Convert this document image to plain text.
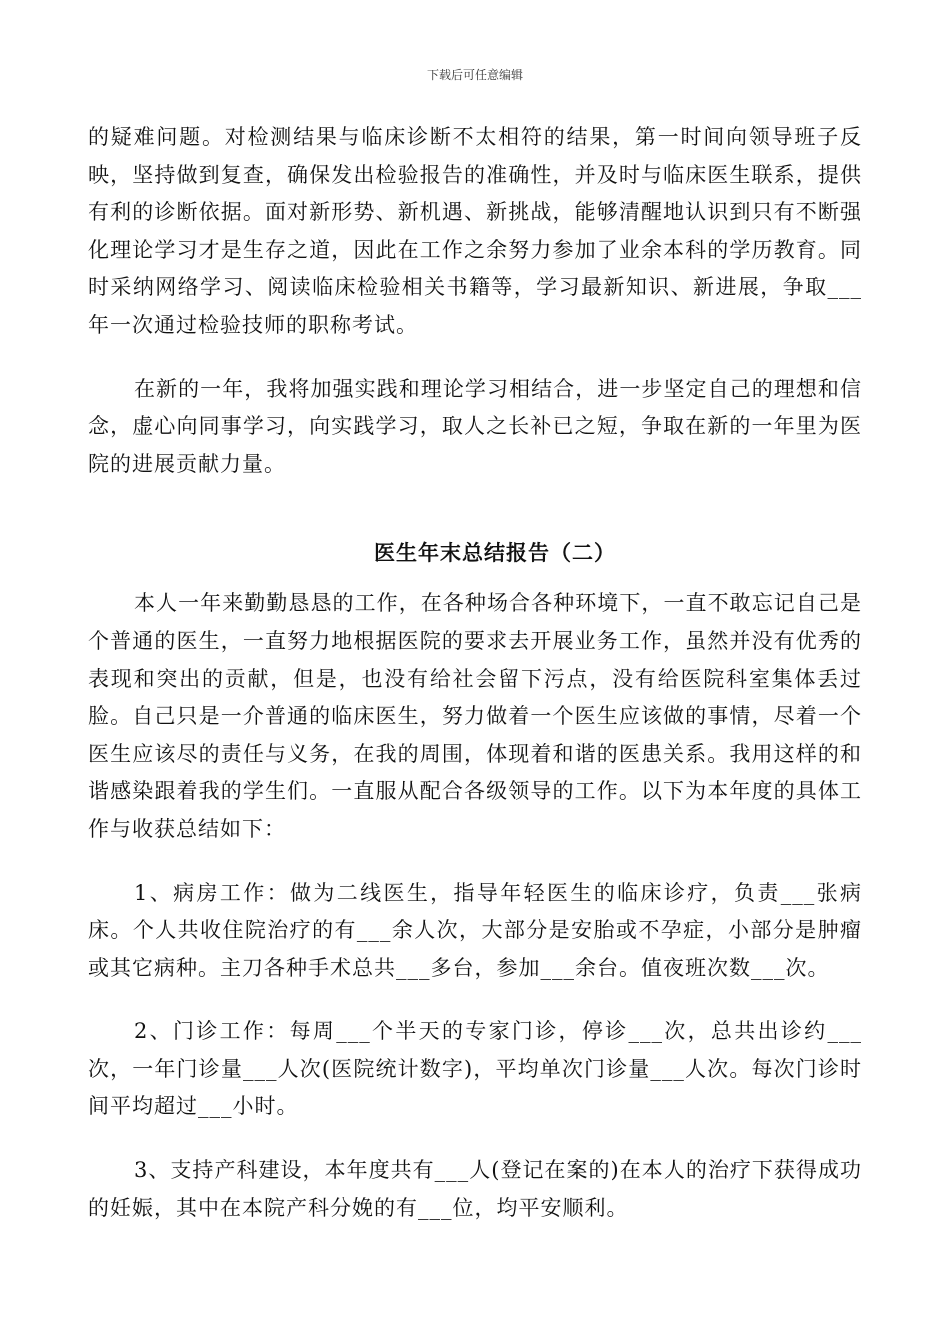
下载后可任意编辑

的疑难问题。对检测结果与临床诊断不太相符的结果，第一时间向领导班子反映，坚持做到复查，确保发出检验报告的准确性，并及时与临床医生联系，提供有利的诊断依据。面对新形势、新机遇、新挑战，能够清醒地认识到只有不断强化理论学习才是生存之道，因此在工作之余努力参加了业余本科的学历教育。同时采纳网络学习、阅读临床检验相关书籍等，学习最新知识、新进展，争取___年一次通过检验技师的职称考试。

在新的一年，我将加强实践和理论学习相结合，进一步坚定自己的理想和信念，虚心向同事学习，向实践学习，取人之长补已之短，争取在新的一年里为医院的进展贡献力量。

医生年末总结报告（二）

本人一年来勤勤恳恳的工作，在各种场合各种环境下，一直不敢忘记自己是个普通的医生，一直努力地根据医院的要求去开展业务工作，虽然并没有优秀的表现和突出的贡献，但是，也没有给社会留下污点，没有给医院科室集体丢过脸。自己只是一介普通的临床医生，努力做着一个医生应该做的事情，尽着一个医生应该尽的责任与义务，在我的周围，体现着和谐的医患关系。我用这样的和谐感染跟着我的学生们。一直服从配合各级领导的工作。以下为本年度的具体工作与收获总结如下：

1、病房工作：做为二线医生，指导年轻医生的临床诊疗，负责___张病床。个人共收住院治疗的有___余人次，大部分是安胎或不孕症，小部分是肿瘤或其它病种。主刀各种手术总共___多台，参加___余台。值夜班次数___次。

2、门诊工作：每周___个半天的专家门诊，停诊___次，总共出诊约___次，一年门诊量___人次(医院统计数字)，平均单次门诊量___人次。每次门诊时间平均超过___小时。

3、支持产科建设，本年度共有___人(登记在案的)在本人的治疗下获得成功的妊娠，其中在本院产科分娩的有___位，均平安顺利。
